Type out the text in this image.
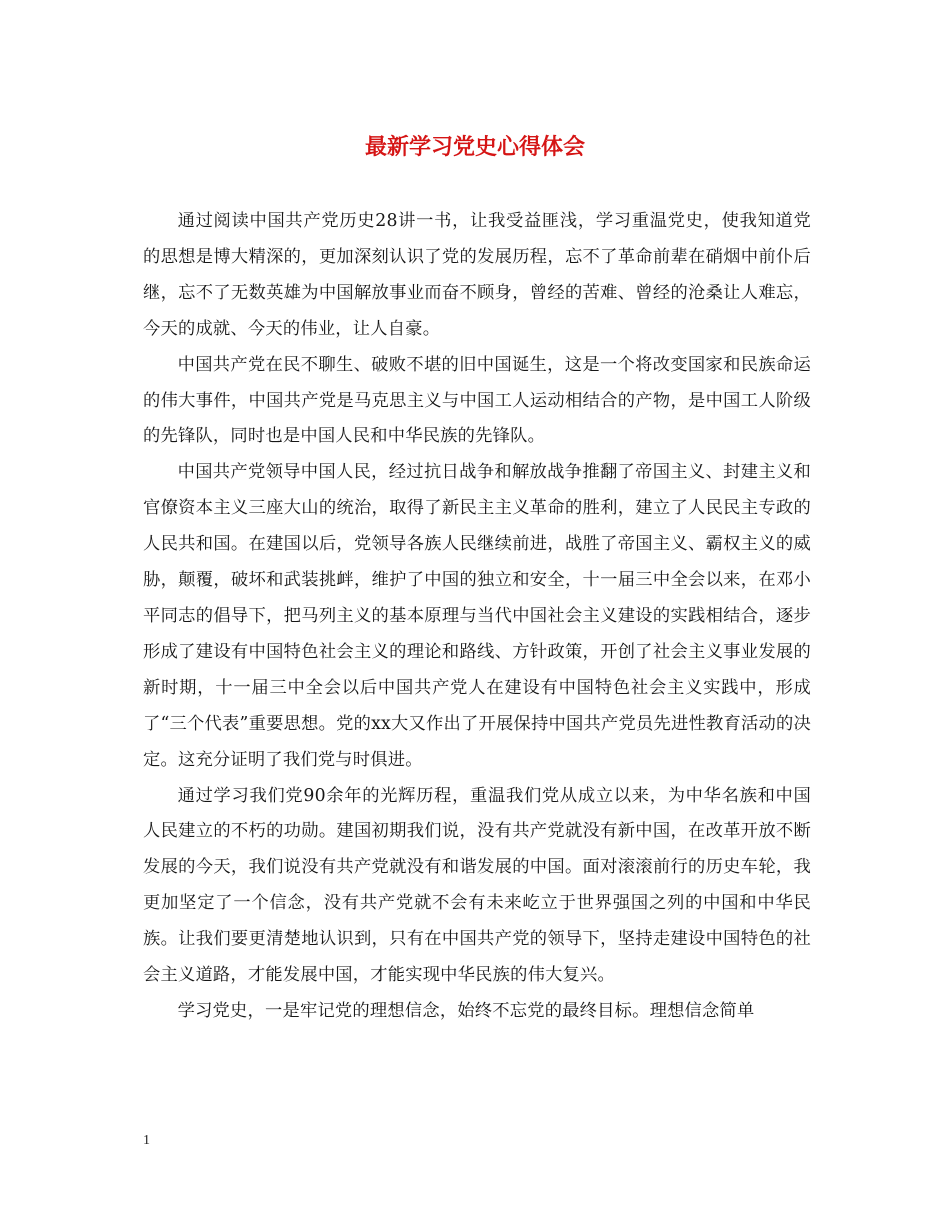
最新学习党史心得体会

通过阅读中国共产党历史28讲一书，让我受益匪浅，学习重温党史，使我知道党的思想是博大精深的，更加深刻认识了党的发展历程，忘不了革命前辈在硝烟中前仆后继，忘不了无数英雄为中国解放事业而奋不顾身，曾经的苦难、曾经的沧桑让人难忘，今天的成就、今天的伟业，让人自豪。

中国共产党在民不聊生、破败不堪的旧中国诞生，这是一个将改变国家和民族命运的伟大事件，中国共产党是马克思主义与中国工人运动相结合的产物，是中国工人阶级的先锋队，同时也是中国人民和中华民族的先锋队。

中国共产党领导中国人民，经过抗日战争和解放战争推翻了帝国主义、封建主义和官僚资本主义三座大山的统治，取得了新民主主义革命的胜利，建立了人民民主专政的人民共和国。在建国以后，党领导各族人民继续前进，战胜了帝国主义、霸权主义的威胁，颠覆，破坏和武装挑衅，维护了中国的独立和安全，十一届三中全会以来，在邓小平同志的倡导下，把马列主义的基本原理与当代中国社会主义建设的实践相结合，逐步形成了建设有中国特色社会主义的理论和路线、方针政策，开创了社会主义事业发展的新时期，十一届三中全会以后中国共产党人在建设有中国特色社会主义实践中，形成了“三个代表”重要思想。党的xx大又作出了开展保持中国共产党员先进性教育活动的决定。这充分证明了我们党与时俱进。

通过学习我们党90余年的光辉历程，重温我们党从成立以来，为中华名族和中国人民建立的不朽的功勋。建国初期我们说，没有共产党就没有新中国，在改革开放不断发展的今天，我们说没有共产党就没有和谐发展的中国。面对滚滚前行的历史车轮，我更加坚定了一个信念，没有共产党就不会有未来屹立于世界强国之列的中国和中华民族。让我们要更清楚地认识到，只有在中国共产党的领导下，坚持走建设中国特色的社会主义道路，才能发展中国，才能实现中华民族的伟大复兴。

学习党史，一是牢记党的理想信念，始终不忘党的最终目标。理想信念简单

1
